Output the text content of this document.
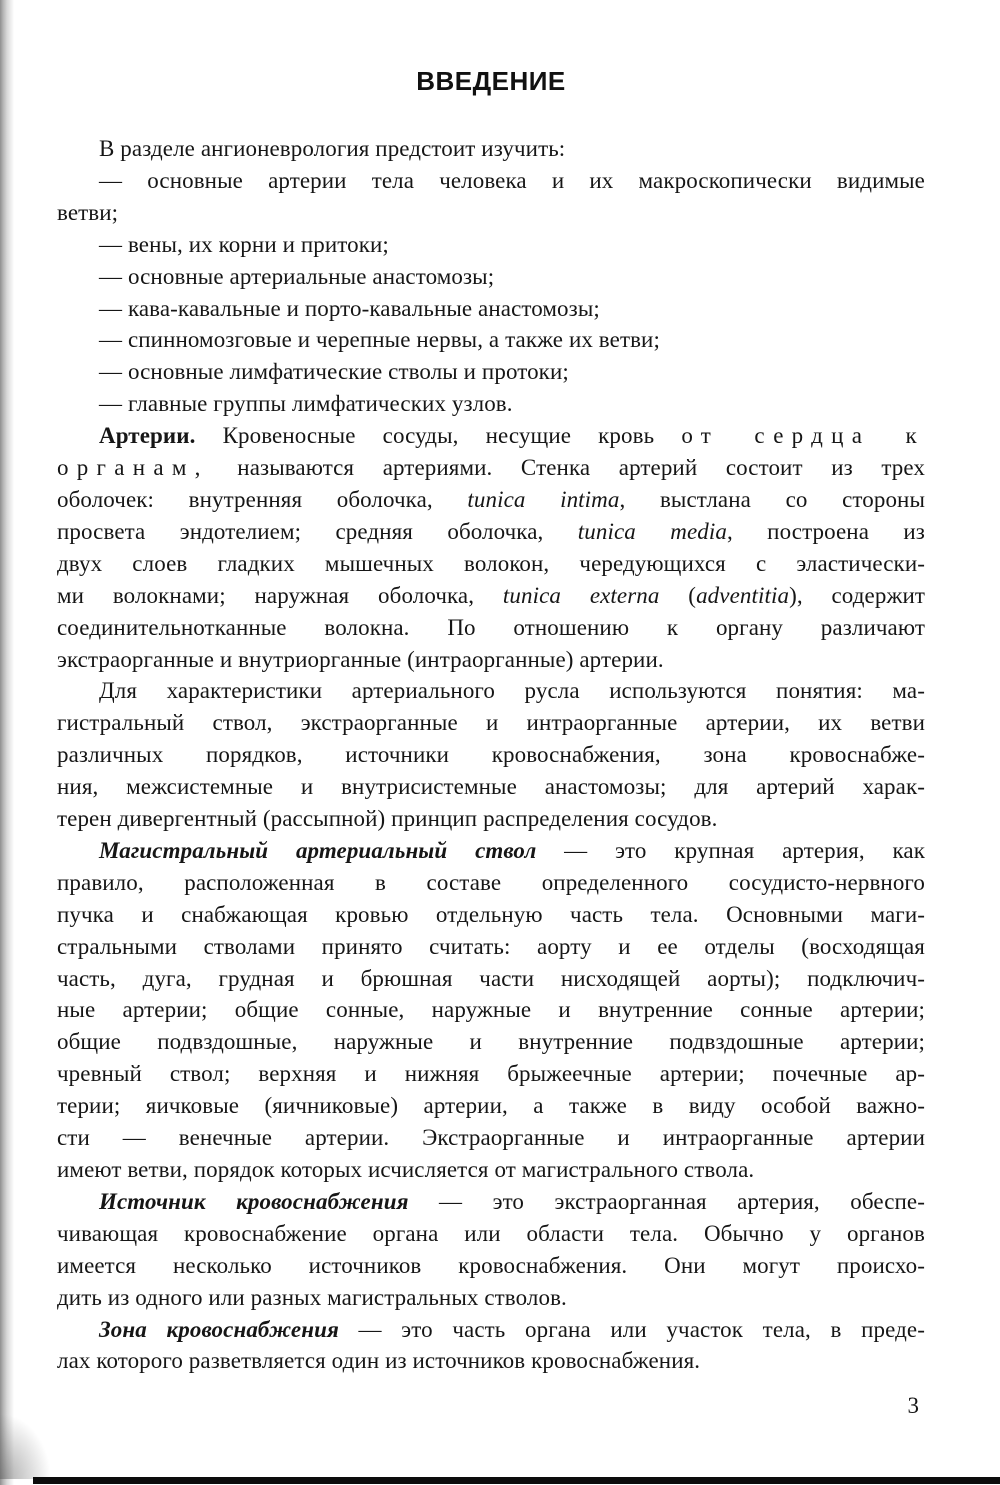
ВВЕДЕНИЕ
В разделе ангионеврология предстоит изучить:
— основные артерии тела человека и их макроскопически видимые
ветви;
— вены, их корни и притоки;
— основные артериальные анастомозы;
— кава-кавальные и порто-кавальные анастомозы;
— спинномозговые и черепные нервы, а также их ветви;
— основные лимфатические стволы и протоки;
— главные группы лимфатических узлов.
Артерии. Кровеносные сосуды, несущие кровь от сердца к
органам, называются артериями. Стенка артерий состоит из трех
оболочек: внутренняя оболочка, tunica intima, выстлана со стороны
просвета эндотелием; средняя оболочка, tunica media, построена из
двух слоев гладких мышечных волокон, чередующихся с эластически-
ми волокнами; наружная оболочка, tunica externa (adventitia), содержит
соединительнотканные волокна. По отношению к органу различают
экстраорганные и внутриорганные (интраорганные) артерии.
Для характеристики артериального русла используются понятия: ма-
гистральный ствол, экстраорганные и интраорганные артерии, их ветви
различных порядков, источники кровоснабжения, зона кровоснабже-
ния, межсистемные и внутрисистемные анастомозы; для артерий харак-
терен дивергентный (рассыпной) принцип распределения сосудов.
Магистральный артериальный ствол — это крупная артерия, как
правило, расположенная в составе определенного сосудисто-нервного
пучка и снабжающая кровью отдельную часть тела. Основными маги-
стральными стволами принято считать: аорту и ее отделы (восходящая
часть, дуга, грудная и брюшная части нисходящей аорты); подключич-
ные артерии; общие сонные, наружные и внутренние сонные артерии;
общие подвздошные, наружные и внутренние подвздошные артерии;
чревный ствол; верхняя и нижняя брыжеечные артерии; почечные ар-
терии; яичковые (яичниковые) артерии, а также в виду особой важно-
сти — венечные артерии. Экстраорганные и интраорганные артерии
имеют ветви, порядок которых исчисляется от магистрального ствола.
Источник кровоснабжения — это экстраорганная артерия, обеспе-
чивающая кровоснабжение органа или области тела. Обычно у органов
имеется несколько источников кровоснабжения. Они могут происхо-
дить из одного или разных магистральных стволов.
Зона кровоснабжения — это часть органа или участок тела, в преде-
лах которого разветвляется один из источников кровоснабжения.
3
